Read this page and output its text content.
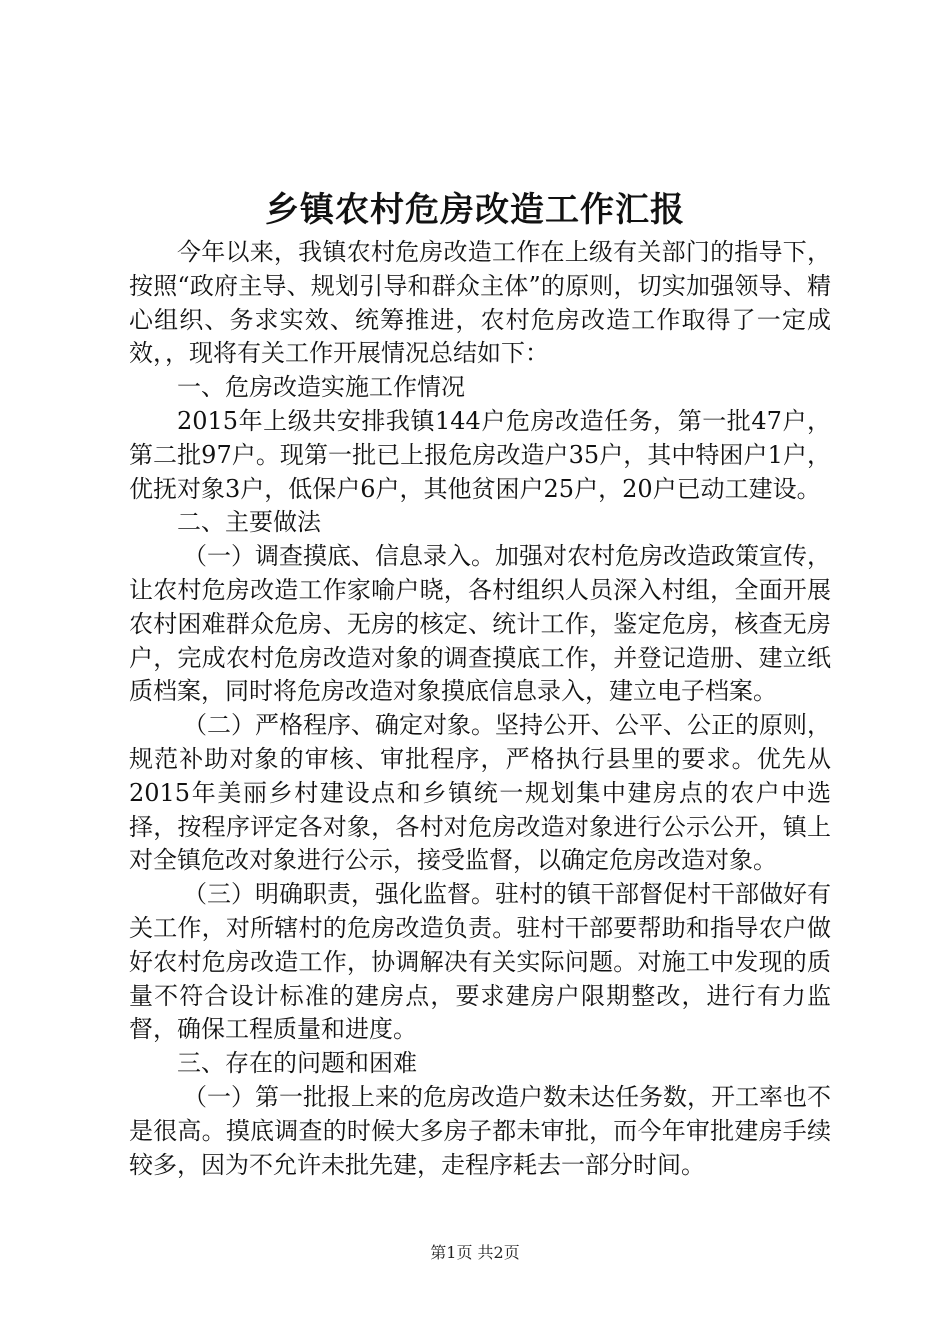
乡镇农村危房改造工作汇报

今年以来，我镇农村危房改造工作在上级有关部门的指导下，按照“政府主导、规划引导和群众主体”的原则，切实加强领导、精心组织、务求实效、统筹推进，农村危房改造工作取得了一定成效，，现将有关工作开展情况总结如下：

一、危房改造实施工作情况

2015年上级共安排我镇144户危房改造任务，第一批47户，第二批97户。现第一批已上报危房改造户35户，其中特困户1户，优抚对象3户，低保户6户，其他贫困户25户，20户已动工建设。

二、主要做法

（一）调查摸底、信息录入。加强对农村危房改造政策宣传，让农村危房改造工作家喻户晓，各村组织人员深入村组，全面开展农村困难群众危房、无房的核定、统计工作，鉴定危房，核查无房户，完成农村危房改造对象的调查摸底工作，并登记造册、建立纸质档案，同时将危房改造对象摸底信息录入，建立电子档案。

（二）严格程序、确定对象。坚持公开、公平、公正的原则，规范补助对象的审核、审批程序，严格执行县里的要求。优先从2015年美丽乡村建设点和乡镇统一规划集中建房点的农户中选择，按程序评定各对象，各村对危房改造对象进行公示公开，镇上对全镇危改对象进行公示，接受监督，以确定危房改造对象。

（三）明确职责，强化监督。驻村的镇干部督促村干部做好有关工作，对所辖村的危房改造负责。驻村干部要帮助和指导农户做好农村危房改造工作，协调解决有关实际问题。对施工中发现的质量不符合设计标准的建房点，要求建房户限期整改，进行有力监督，确保工程质量和进度。

三、存在的问题和困难

（一）第一批报上来的危房改造户数未达任务数，开工率也不是很高。摸底调查的时候大多房子都未审批，而今年审批建房手续较多，因为不允许未批先建，走程序耗去一部分时间。

第1页 共2页
